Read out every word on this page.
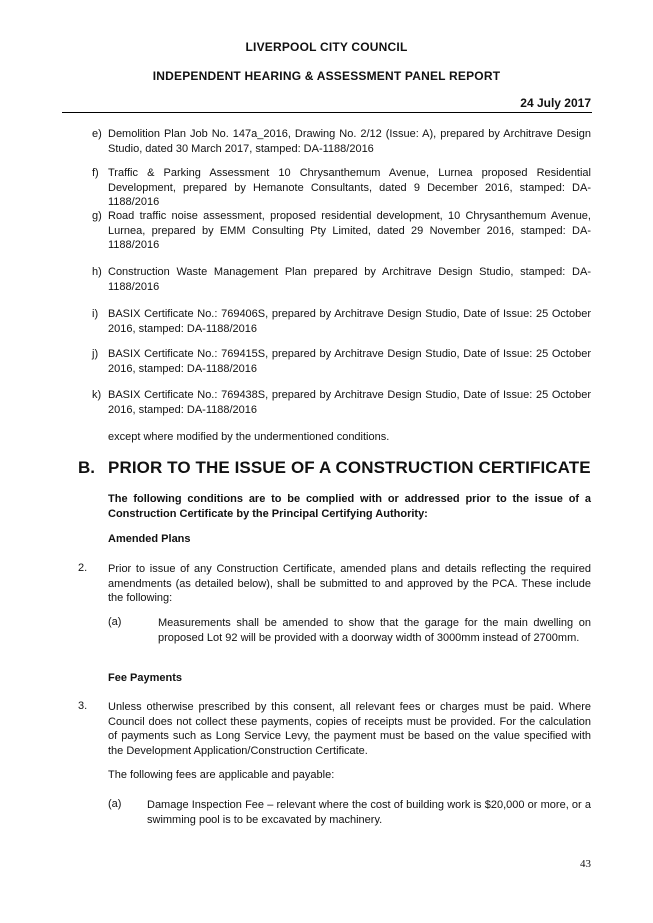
LIVERPOOL CITY COUNCIL
INDEPENDENT HEARING & ASSESSMENT PANEL REPORT
24 July 2017
e) Demolition Plan Job No. 147a_2016, Drawing No. 2/12 (Issue: A), prepared by Architrave Design Studio, dated 30 March 2017, stamped: DA-1188/2016
f) Traffic & Parking Assessment 10 Chrysanthemum Avenue, Lurnea proposed Residential Development, prepared by Hemanote Consultants, dated 9 December 2016, stamped: DA-1188/2016
g) Road traffic noise assessment, proposed residential development, 10 Chrysanthemum Avenue, Lurnea, prepared by EMM Consulting Pty Limited, dated 29 November 2016, stamped: DA-1188/2016
h) Construction Waste Management Plan prepared by Architrave Design Studio, stamped: DA-1188/2016
i) BASIX Certificate No.: 769406S, prepared by Architrave Design Studio, Date of Issue: 25 October 2016, stamped: DA-1188/2016
j) BASIX Certificate No.: 769415S, prepared by Architrave Design Studio, Date of Issue: 25 October 2016, stamped: DA-1188/2016
k) BASIX Certificate No.: 769438S, prepared by Architrave Design Studio, Date of Issue: 25 October 2016, stamped: DA-1188/2016
except where modified by the undermentioned conditions.
B. PRIOR TO THE ISSUE OF A CONSTRUCTION CERTIFICATE
The following conditions are to be complied with or addressed prior to the issue of a Construction Certificate by the Principal Certifying Authority:
Amended Plans
2. Prior to issue of any Construction Certificate, amended plans and details reflecting the required amendments (as detailed below), shall be submitted to and approved by the PCA. These include the following:
(a)	Measurements shall be amended to show that the garage for the main dwelling on proposed Lot 92 will be provided with a doorway width of 3000mm instead of 2700mm.
Fee Payments
3. Unless otherwise prescribed by this consent, all relevant fees or charges must be paid. Where Council does not collect these payments, copies of receipts must be provided. For the calculation of payments such as Long Service Levy, the payment must be based on the value specified with the Development Application/Construction Certificate.
The following fees are applicable and payable:
(a) Damage Inspection Fee – relevant where the cost of building work is $20,000 or more, or a swimming pool is to be excavated by machinery.
43
